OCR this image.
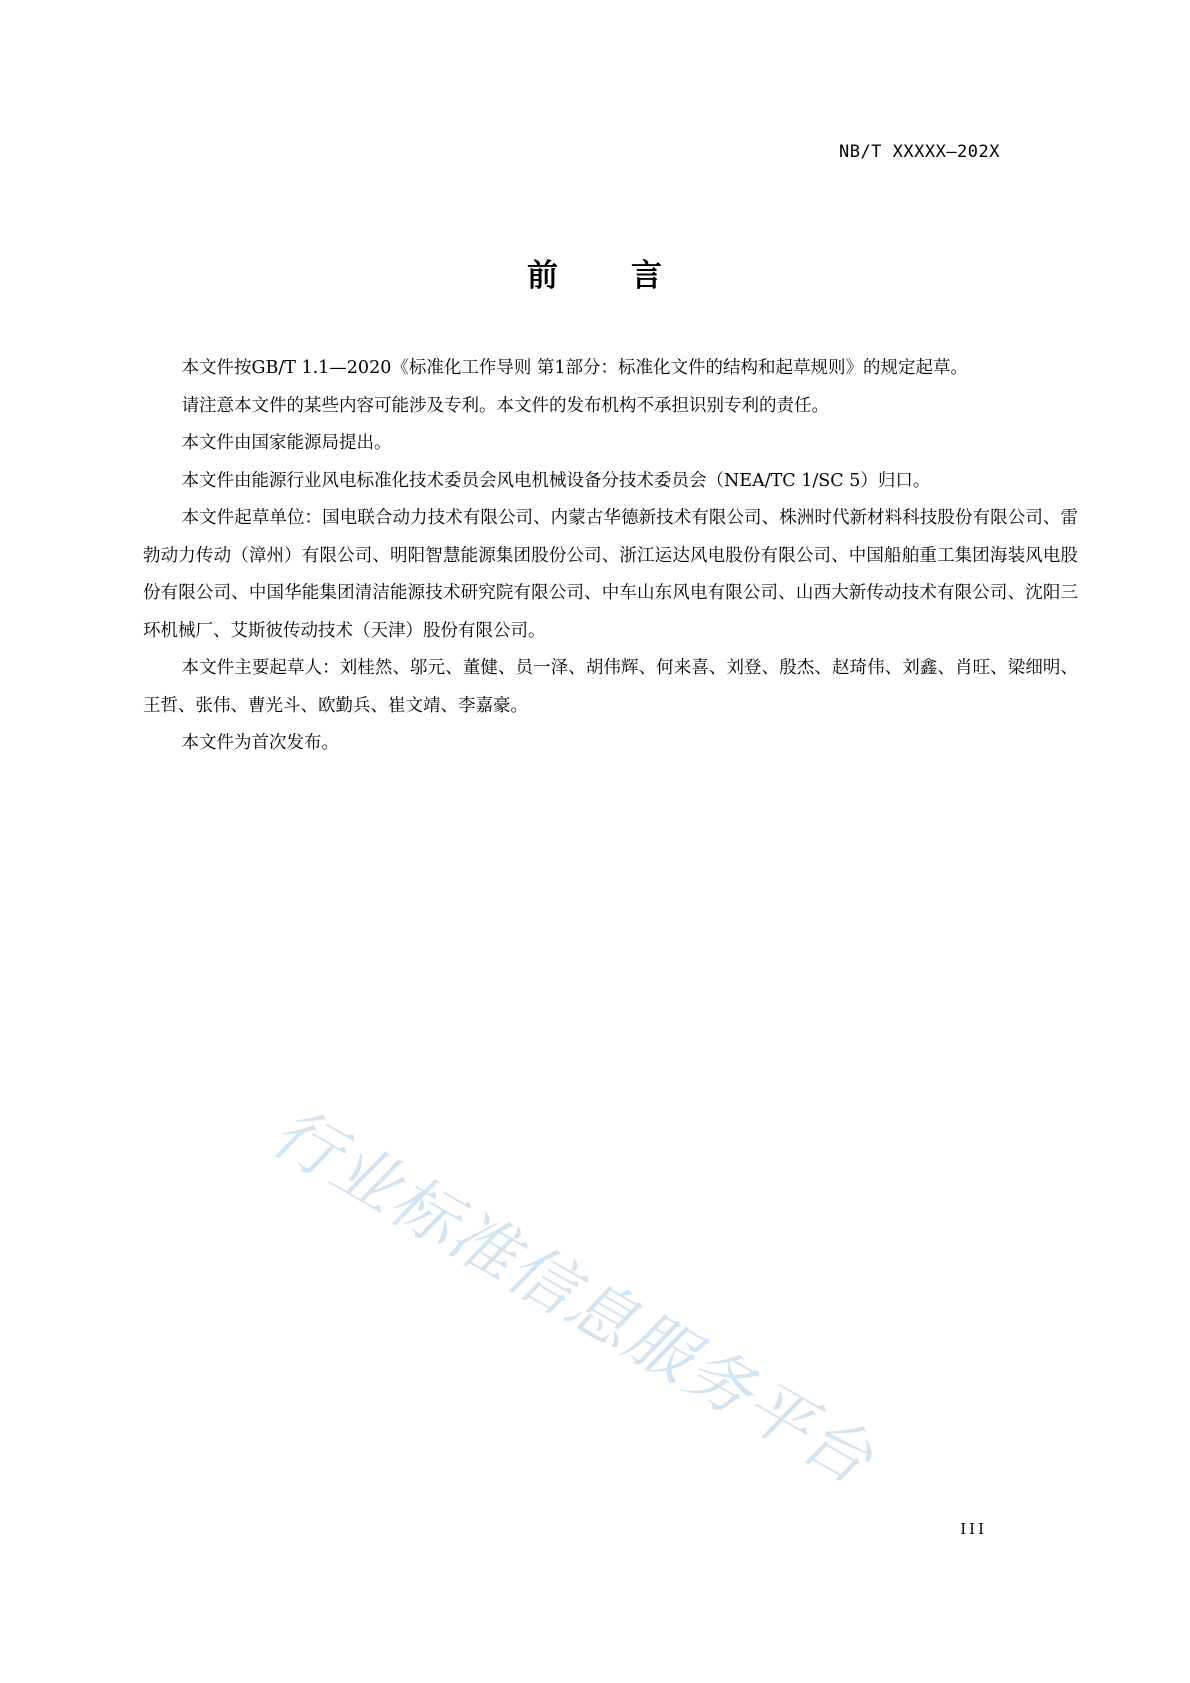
NB/T XXXXX—202X
前 言

本文件按GB/T 1.1—2020《标准化工作导则 第1部分：标准化文件的结构和起草规则》的规定起草。

请注意本文件的某些内容可能涉及专利。本文件的发布机构不承担识别专利的责任。

本文件由国家能源局提出。

本文件由能源行业风电标准化技术委员会风电机械设备分技术委员会（NEA/TC 1/SC 5）归口。

本文件起草单位：国电联合动力技术有限公司、内蒙古华德新技术有限公司、株洲时代新材料科技股份有限公司、雷勃动力传动（漳州）有限公司、明阳智慧能源集团股份公司、浙江运达风电股份有限公司、中国船舶重工集团海装风电股份有限公司、中国华能集团清洁能源技术研究院有限公司、中车山东风电有限公司、山西大新传动技术有限公司、沈阳三环机械厂、艾斯彼传动技术（天津）股份有限公司。

本文件主要起草人：刘桂然、邬元、董健、员一泽、胡伟辉、何来喜、刘登、殷杰、赵琦伟、刘鑫、肖旺、梁细明、王哲、张伟、曹光斗、欧勤兵、崔文靖、李嘉豪。

本文件为首次发布。

行业标准信息服务平台
III
